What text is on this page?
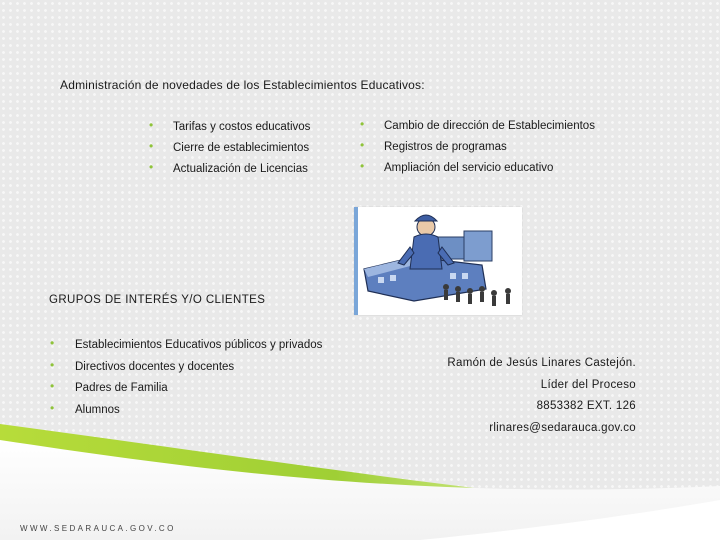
Administración de novedades de los Establecimientos Educativos:
• Tarifas y costos educativos
• Cierre de establecimientos
• Actualización de Licencias
• Cambio de dirección de Establecimientos
• Registros de programas
• Ampliación del servicio educativo
GRUPOS DE INTERÉS Y/O CLIENTES
• Establecimientos Educativos públicos y privados
• Directivos docentes y docentes
• Padres de Familia
• Alumnos
Ramón de Jesús Linares Castejón.
Líder del Proceso
8853382 EXT. 126
rlinares@sedarauca.gov.co
WWW.SEDARAUCA.GOV.CO
